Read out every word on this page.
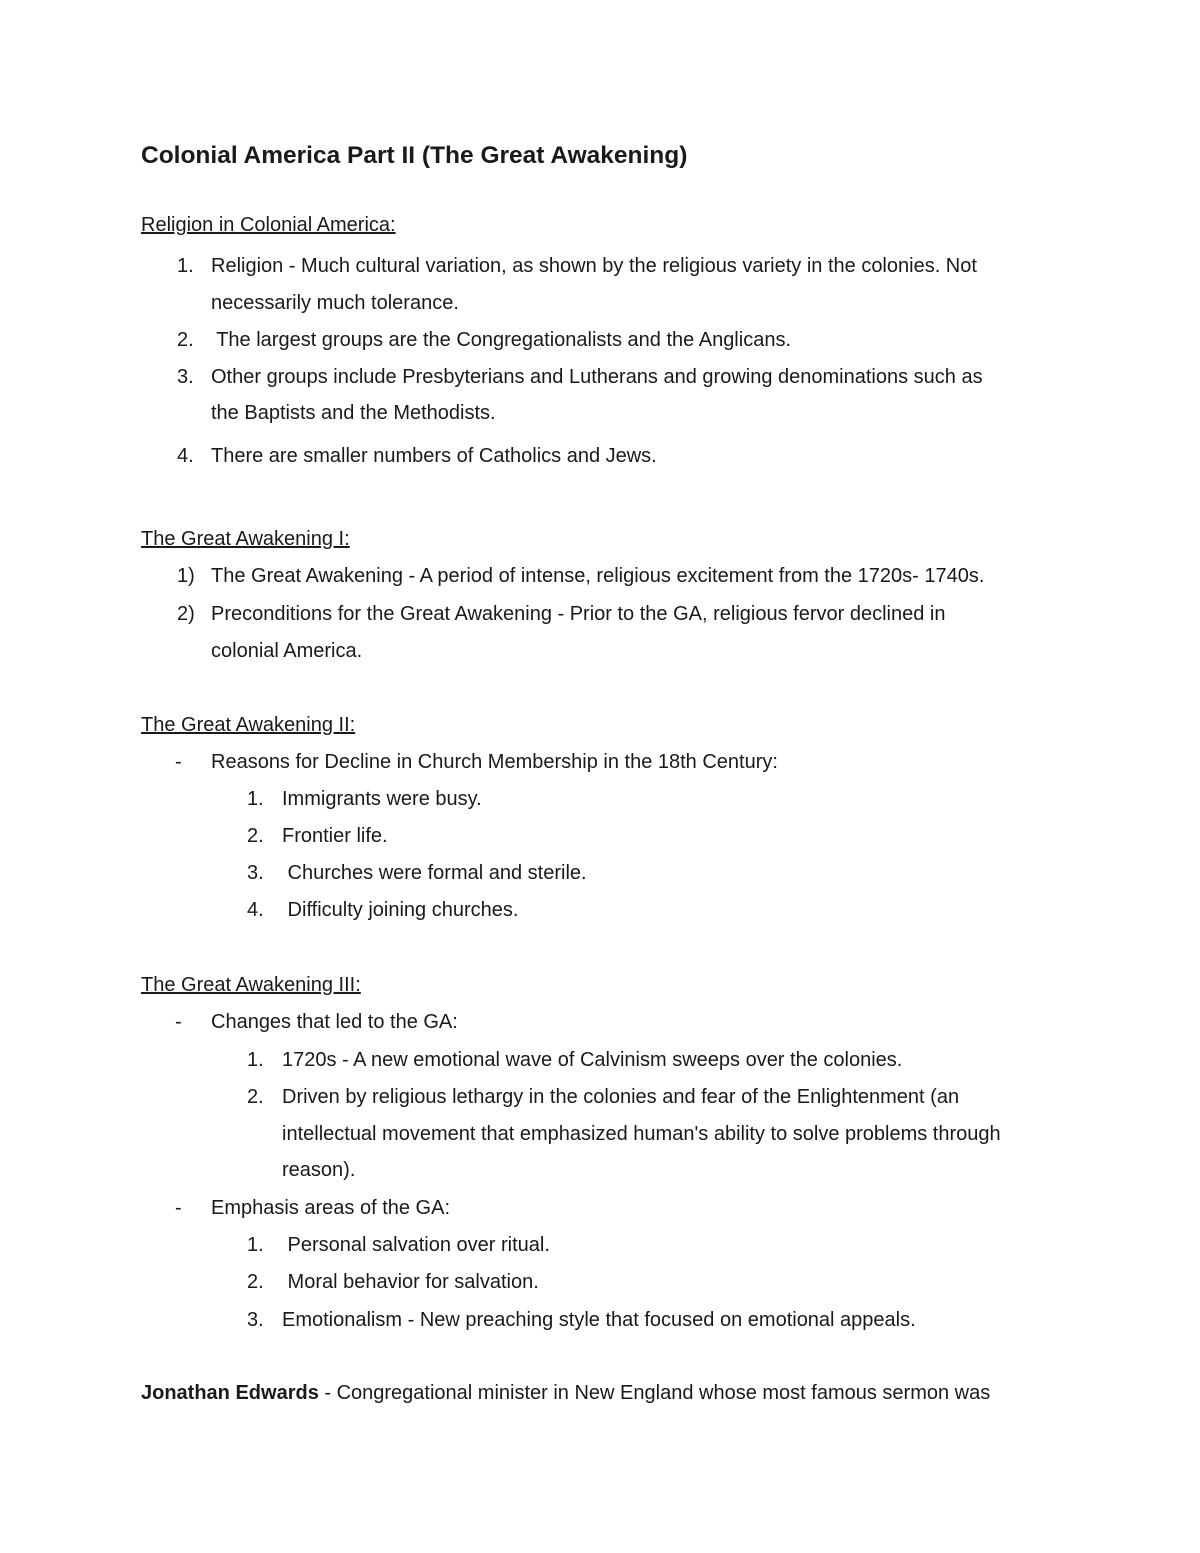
Colonial America Part II (The Great Awakening)
Religion in Colonial America:
1. Religion - Much cultural variation, as shown by the religious variety in the colonies. Not
necessarily much tolerance.
2. The largest groups are the Congregationalists and the Anglicans.
3. Other groups include Presbyterians and Lutherans and growing denominations such as
the Baptists and the Methodists.
4. There are smaller numbers of Catholics and Jews.
The Great Awakening I:
1) The Great Awakening - A period of intense, religious excitement from the 1720s- 1740s.
2) Preconditions for the Great Awakening - Prior to the GA, religious fervor declined in
colonial America.
The Great Awakening II:
- Reasons for Decline in Church Membership in the 18th Century:
1. Immigrants were busy.
2. Frontier life.
3. Churches were formal and sterile.
4. Difficulty joining churches.
The Great Awakening III:
- Changes that led to the GA:
1. 1720s - A new emotional wave of Calvinism sweeps over the colonies.
2. Driven by religious lethargy in the colonies and fear of the Enlightenment (an
intellectual movement that emphasized human's ability to solve problems through
reason).
- Emphasis areas of the GA:
1. Personal salvation over ritual.
2. Moral behavior for salvation.
3. Emotionalism - New preaching style that focused on emotional appeals.
Jonathan Edwards - Congregational minister in New England whose most famous sermon was
